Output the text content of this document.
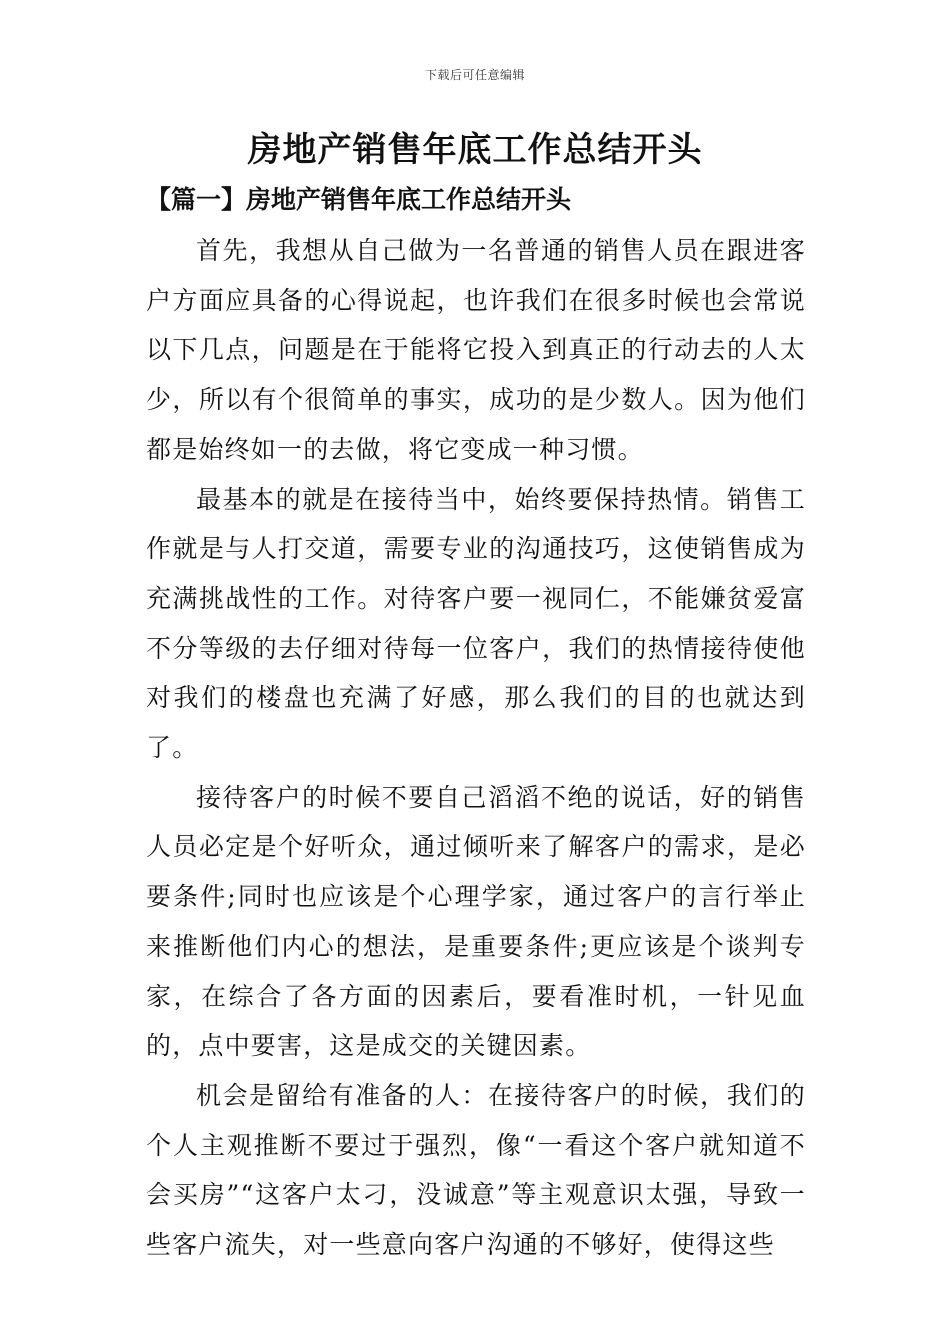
下载后可任意编辑
房地产销售年底工作总结开头
【篇一】房地产销售年底工作总结开头

首先，我想从自己做为一名普通的销售人员在跟进客户方面应具备的心得说起，也许我们在很多时候也会常说以下几点，问题是在于能将它投入到真正的行动去的人太少，所以有个很简单的事实，成功的是少数人。因为他们都是始终如一的去做，将它变成一种习惯。

最基本的就是在接待当中，始终要保持热情。销售工作就是与人打交道，需要专业的沟通技巧，这使销售成为充满挑战性的工作。对待客户要一视同仁，不能嫌贫爱富不分等级的去仔细对待每一位客户，我们的热情接待使他对我们的楼盘也充满了好感，那么我们的目的也就达到了。

接待客户的时候不要自己滔滔不绝的说话，好的销售人员必定是个好听众，通过倾听来了解客户的需求，是必要条件;同时也应该是个心理学家，通过客户的言行举止来推断他们内心的想法，是重要条件;更应该是个谈判专家，在综合了各方面的因素后，要看准时机，一针见血的，点中要害，这是成交的关键因素。

机会是留给有准备的人：在接待客户的时候，我们的个人主观推断不要过于强烈，像“一看这个客户就知道不会买房”“这客户太刁，没诚意”等主观意识太强，导致一些客户流失，对一些意向客户沟通的不够好，使得这些
